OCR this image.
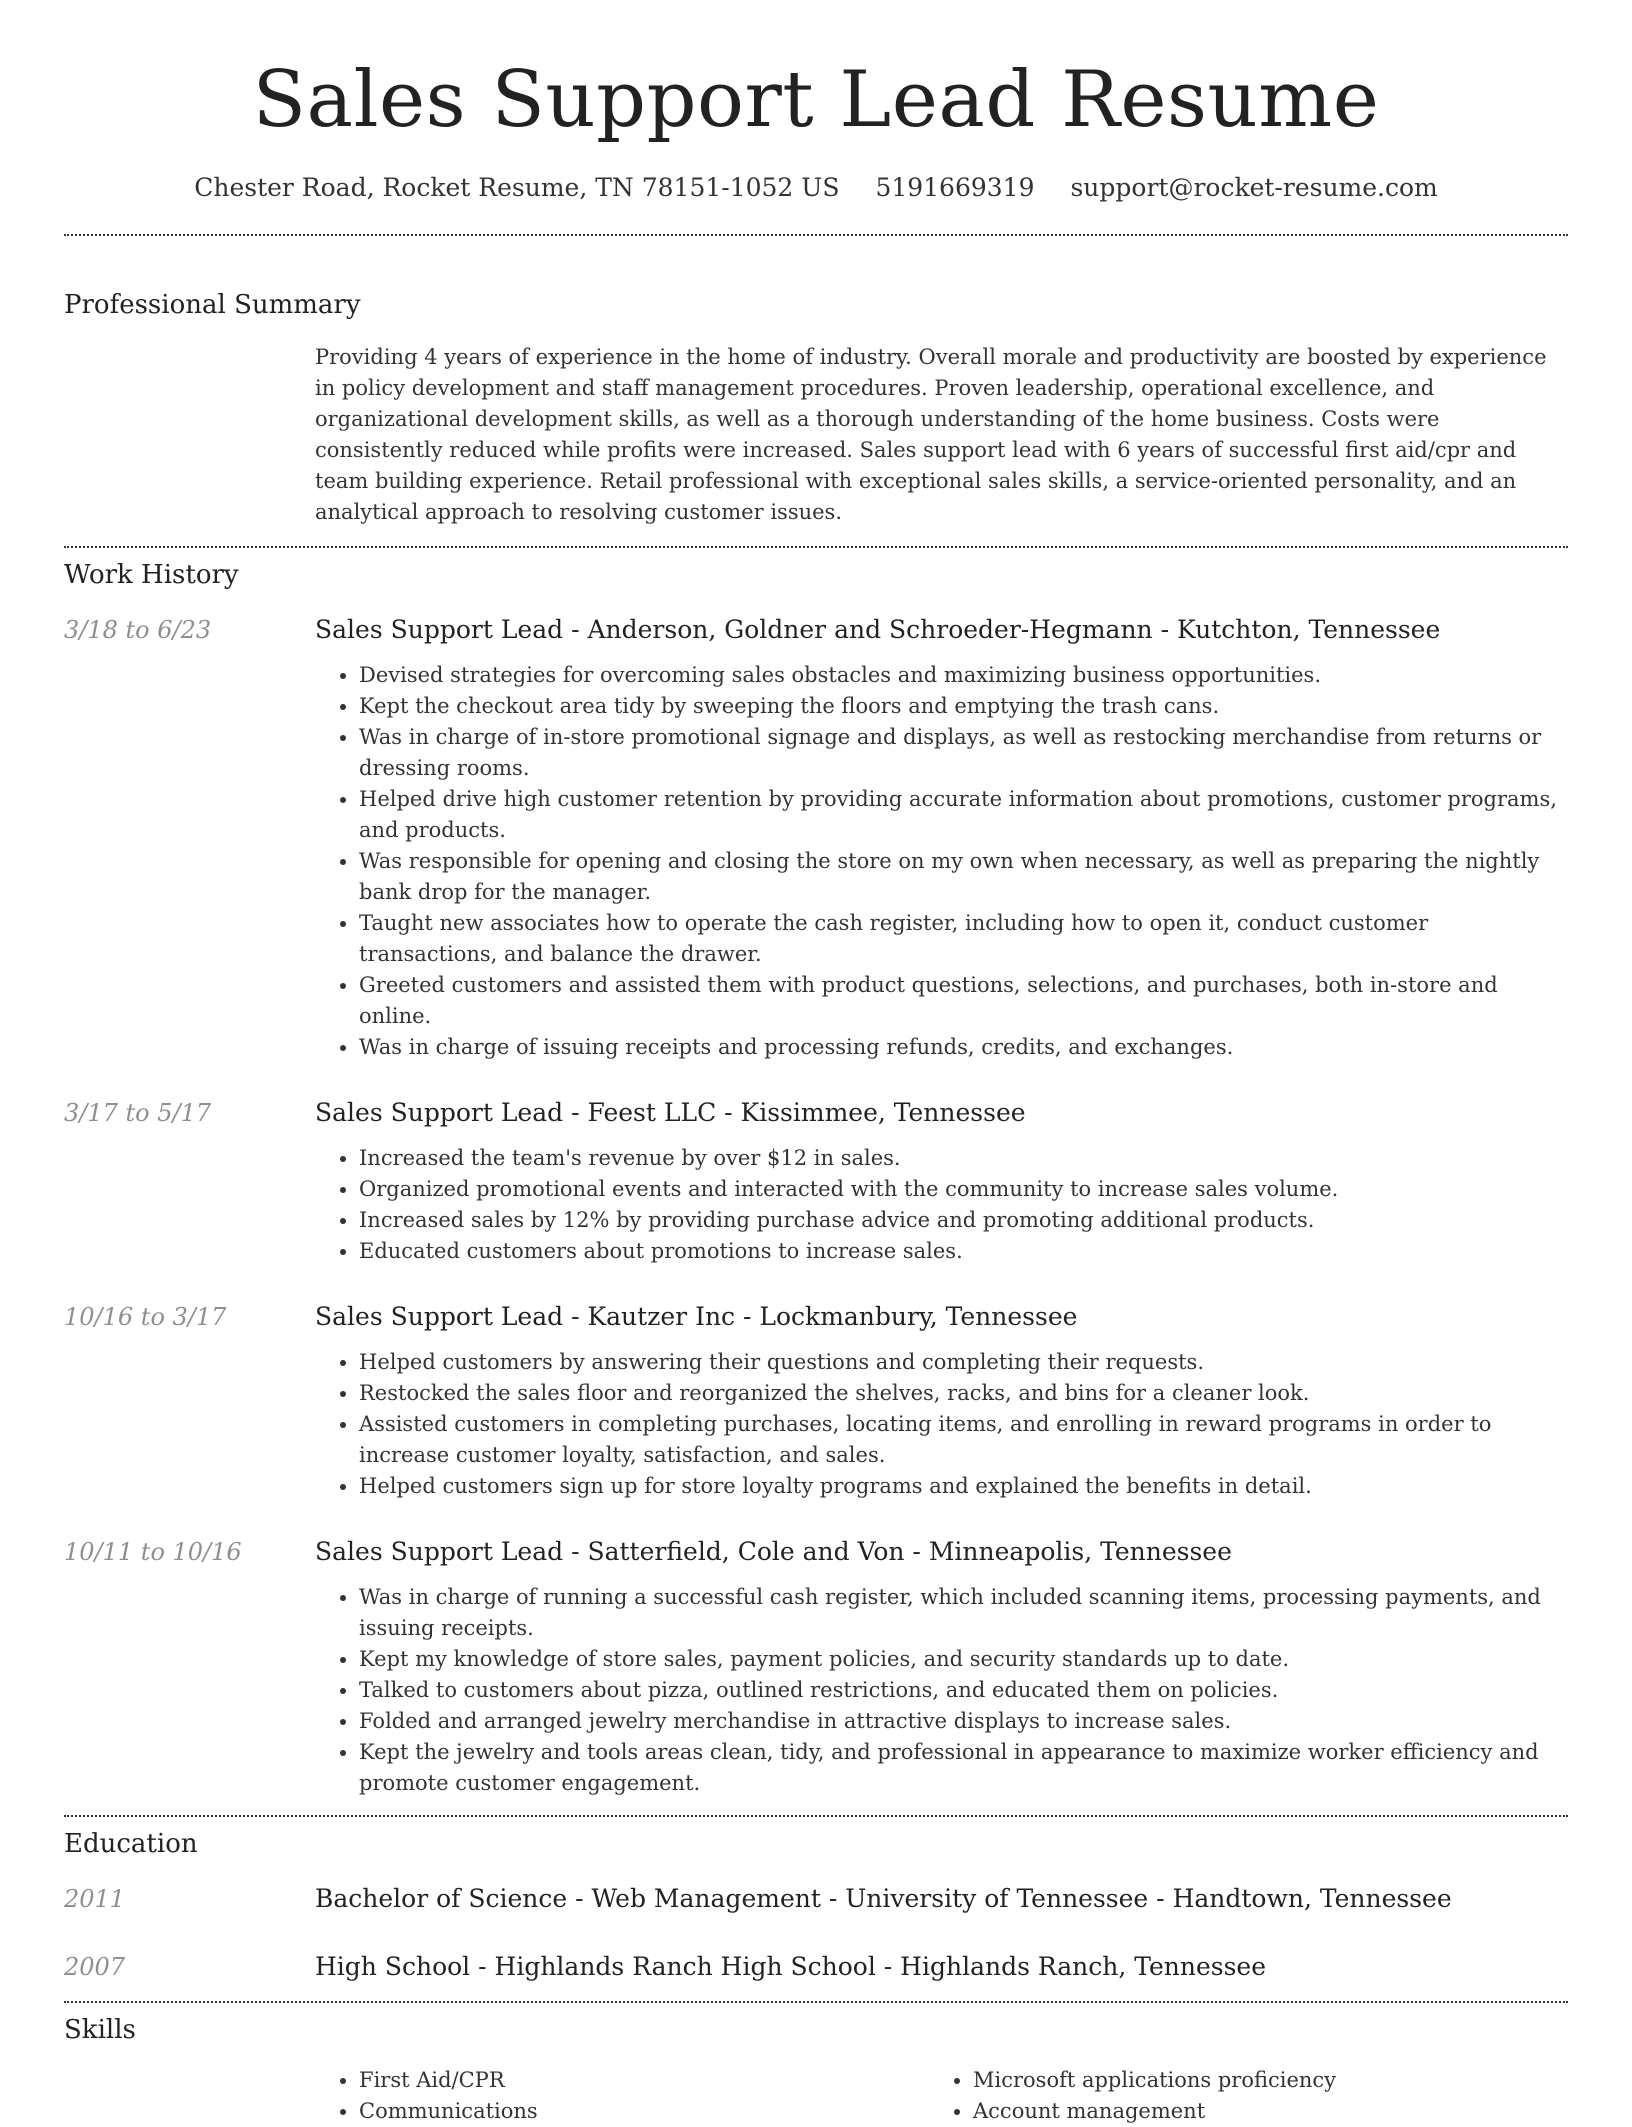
Sales Support Lead Resume
Chester Road, Rocket Resume, TN 78151-1052 US 5191669319 support@rocket-resume.com
Professional Summary
Providing 4 years of experience in the home of industry. Overall morale and productivity are boosted by experience in policy development and staff management procedures. Proven leadership, operational excellence, and organizational development skills, as well as a thorough understanding of the home business. Costs were consistently reduced while profits were increased. Sales support lead with 6 years of successful first aid/cpr and team building experience. Retail professional with exceptional sales skills, a service-oriented personality, and an analytical approach to resolving customer issues.
Work History
3/18 to 6/23	Sales Support Lead - Anderson, Goldner and Schroeder-Hegmann - Kutchton, Tennessee
• Devised strategies for overcoming sales obstacles and maximizing business opportunities.
• Kept the checkout area tidy by sweeping the floors and emptying the trash cans.
• Was in charge of in-store promotional signage and displays, as well as restocking merchandise from returns or dressing rooms.
• Helped drive high customer retention by providing accurate information about promotions, customer programs, and products.
• Was responsible for opening and closing the store on my own when necessary, as well as preparing the nightly bank drop for the manager.
• Taught new associates how to operate the cash register, including how to open it, conduct customer transactions, and balance the drawer.
• Greeted customers and assisted them with product questions, selections, and purchases, both in-store and online.
• Was in charge of issuing receipts and processing refunds, credits, and exchanges.
3/17 to 5/17	Sales Support Lead - Feest LLC - Kissimmee, Tennessee
• Increased the team's revenue by over $12 in sales.
• Organized promotional events and interacted with the community to increase sales volume.
• Increased sales by 12% by providing purchase advice and promoting additional products.
• Educated customers about promotions to increase sales.
10/16 to 3/17	Sales Support Lead - Kautzer Inc - Lockmanbury, Tennessee
• Helped customers by answering their questions and completing their requests.
• Restocked the sales floor and reorganized the shelves, racks, and bins for a cleaner look.
• Assisted customers in completing purchases, locating items, and enrolling in reward programs in order to increase customer loyalty, satisfaction, and sales.
• Helped customers sign up for store loyalty programs and explained the benefits in detail.
10/11 to 10/16	Sales Support Lead - Satterfield, Cole and Von - Minneapolis, Tennessee
• Was in charge of running a successful cash register, which included scanning items, processing payments, and issuing receipts.
• Kept my knowledge of store sales, payment policies, and security standards up to date.
• Talked to customers about pizza, outlined restrictions, and educated them on policies.
• Folded and arranged jewelry merchandise in attractive displays to increase sales.
• Kept the jewelry and tools areas clean, tidy, and professional in appearance to maximize worker efficiency and promote customer engagement.
Education
2011	Bachelor of Science - Web Management - University of Tennessee - Handtown, Tennessee
2007	High School - Highlands Ranch High School - Highlands Ranch, Tennessee
Skills
• First Aid/CPR
• Communications
• Microsoft applications proficiency
• Account management
